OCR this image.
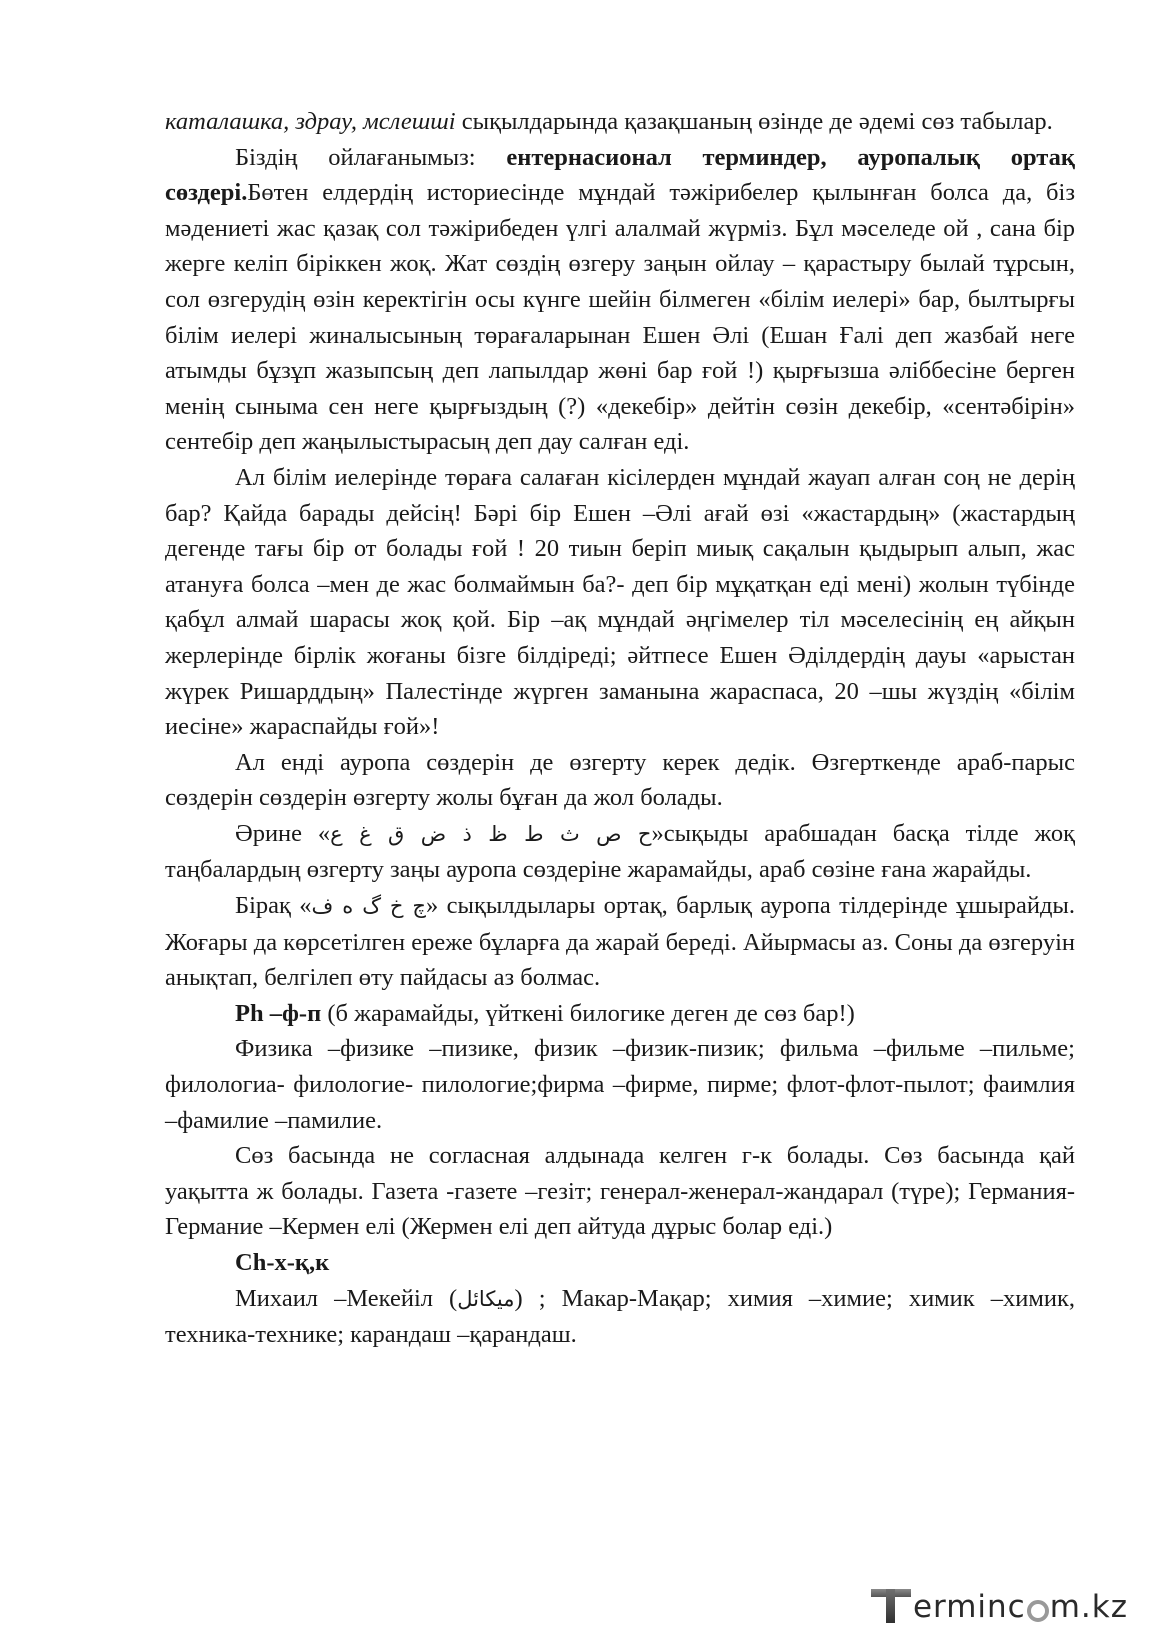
каталашка, здрау, мслешші сықылдарында қазақшаның өзінде де әдемі сөз табылар.

Біздің ойлағанымыз: ентернасионал терминдер, ауропалық ортақ сөздері.Бөтен елдердің историесінде мұндай тәжірибелер қылынған болса да, біз мәдениеті жас қазақ сол тәжірибеден үлгі алалмай жүрміз. Бұл мәселеде ой , сана бір жерге келіп біріккен жоқ. Жат сөздің өзгеру заңын ойлау – қарастыру былай тұрсын, сол өзгерудің өзін керектігін осы күнге шейін білмеген «білім иелері» бар, былтырғы білім иелері жиналысының төрағаларынан Ешен Әлі (Ешан Ғалі деп жазбай неге атымды бұзұп жазыпсың деп лапылдар жөні бар ғой !) қырғызша әліббесіне берген менің сыныма сен неге қырғыздың (?) «декебір» дейтін сөзін декебір, «сентәбірін» сентебір деп жаңылыстырасың деп дау салған еді.

Ал білім иелерінде төраға салаған кісілерден мұндай жауап алған соң не дерің бар? Қайда барады дейсің! Бәрі бір Ешен –Әлі ағай өзі «жастардың» (жастардың дегенде тағы бір от болады ғой ! 20 тиын беріп миық сақалын қыдырып алып, жас атануға болса –мен де жас болмаймын ба?- деп бір мұқатқан еді мені) жолын түбінде қабұл алмай шарасы жоқ қой. Бір –ақ мұндай әңгімелер тіл мәселесінің ең айқын жерлерінде бірлік жоғаны бізге білдіреді; әйтпесе Ешен Әділдердің дауы «арыстан жүрек Ришарддың» Палестінде жүрген заманына жараспаса, 20 –шы жүздің «білім иесіне» жараспайды ғой»!

Ал енді ауропа сөздерін де өзгерту керек дедік. Өзгерткенде араб-парыс сөздерін сөздерін өзгерту жолы бұған да жол болады.

Әрине «ح ص ث ط ظ ذ ض ق غ ع»сықыды арабшадан басқа тілде жоқ таңбалардың өзгерту заңы ауропа сөздеріне жарамайды, араб сөзіне ғана жарайды.

Бірақ «چ خ گ ه ف» сықылдылары ортақ, барлық ауропа тілдерінде ұшырайды. Жоғары да көрсетілген ереже бұларға да жарай береді. Айырмасы аз. Соны да өзгеруін анықтап, белгілеп өту пайдасы аз болмас.

Ph –ф-п (б жарамайды, үйткені билогике деген де сөз бар!)

Физика –физике –пизике, физик –физик-пизик; фильма –фильме –пильме; филологиа- филологие- пилологие;фирма –фирме, пирме; флот-флот-пылот; фаимлия –фамилие –памилие.

Сөз басында не согласная алдынада келген г-к болады. Сөз басында қай уақытта ж болады. Газета -газете –гезіт; генерал-женерал-жандарал (түре); Германия- Германие –Кермен елі (Жермен елі деп айтуда дұрыс болар еді.)

Ch-х-қ,к

Михаил –Мекейіл (ميكائل) ; Макар-Мақар; химия –химие; химик –химик, техника-технике; карандаш –қарандаш.

erminc m.kz
